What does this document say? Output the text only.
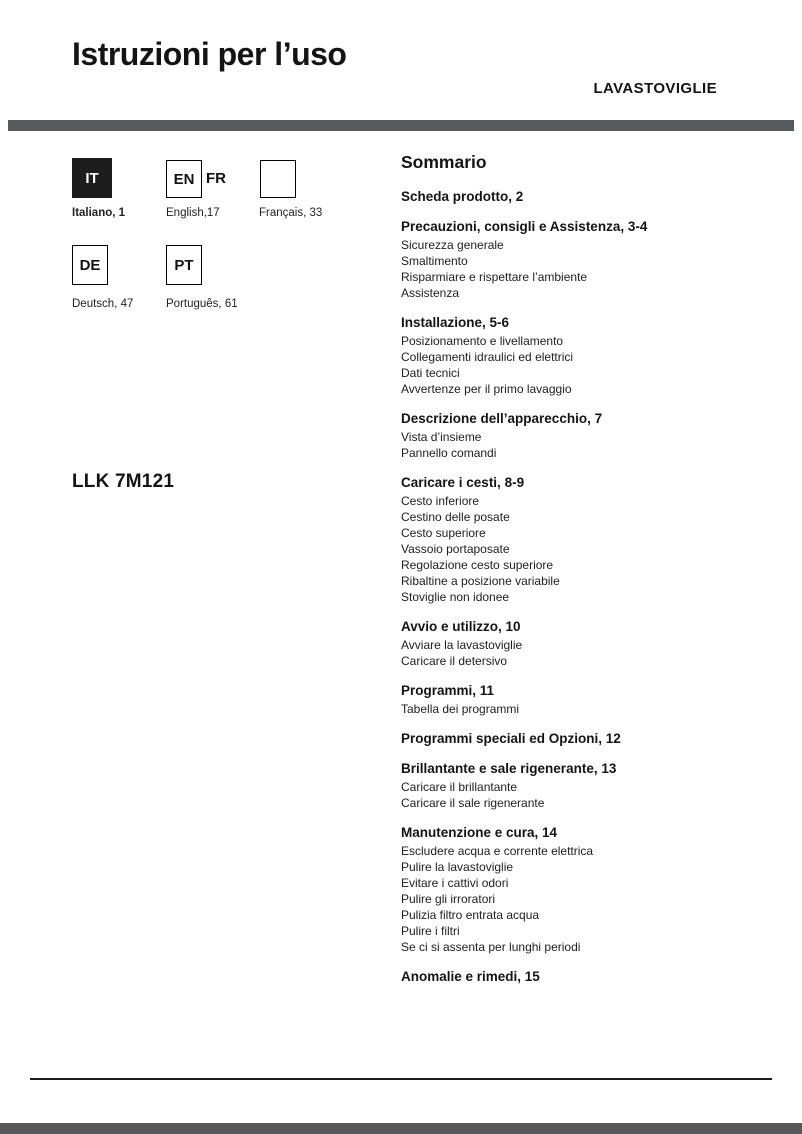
Istruzioni per l’uso
LAVASTOVIGLIE
IT	EN FR
Italiano, 1	English,17	Français, 33
DE	PT
Deutsch, 47	Português, 61
LLK 7M121
Sommario
Scheda prodotto, 2
Precauzioni, consigli e Assistenza, 3-4
Sicurezza generale
Smaltimento
Risparmiare e rispettare l’ambiente
Assistenza
Installazione, 5-6
Posizionamento e livellamento
Collegamenti idraulici ed elettrici
Dati tecnici
Avvertenze per il primo lavaggio
Descrizione dell’apparecchio, 7
Vista d’insieme
Pannello comandi
Caricare i cesti, 8-9
Cesto inferiore
Cestino delle posate
Cesto superiore
Vassoio portaposate
Regolazione cesto superiore
Ribaltine a posizione variabile
Stoviglie non idonee
Avvio e utilizzo, 10
Avviare la lavastoviglie
Caricare il detersivo
Programmi, 11
Tabella dei programmi
Programmi speciali ed Opzioni, 12
Brillantante e sale rigenerante, 13
Caricare il brillantante
Caricare il sale rigenerante
Manutenzione e cura, 14
Escludere acqua e corrente elettrica
Pulire la lavastoviglie
Evitare i cattivi odori
Pulire gli irroratori
Pulizia filtro entrata acqua
Pulire i filtri
Se ci si assenta per lunghi periodi
Anomalie e rimedi, 15
